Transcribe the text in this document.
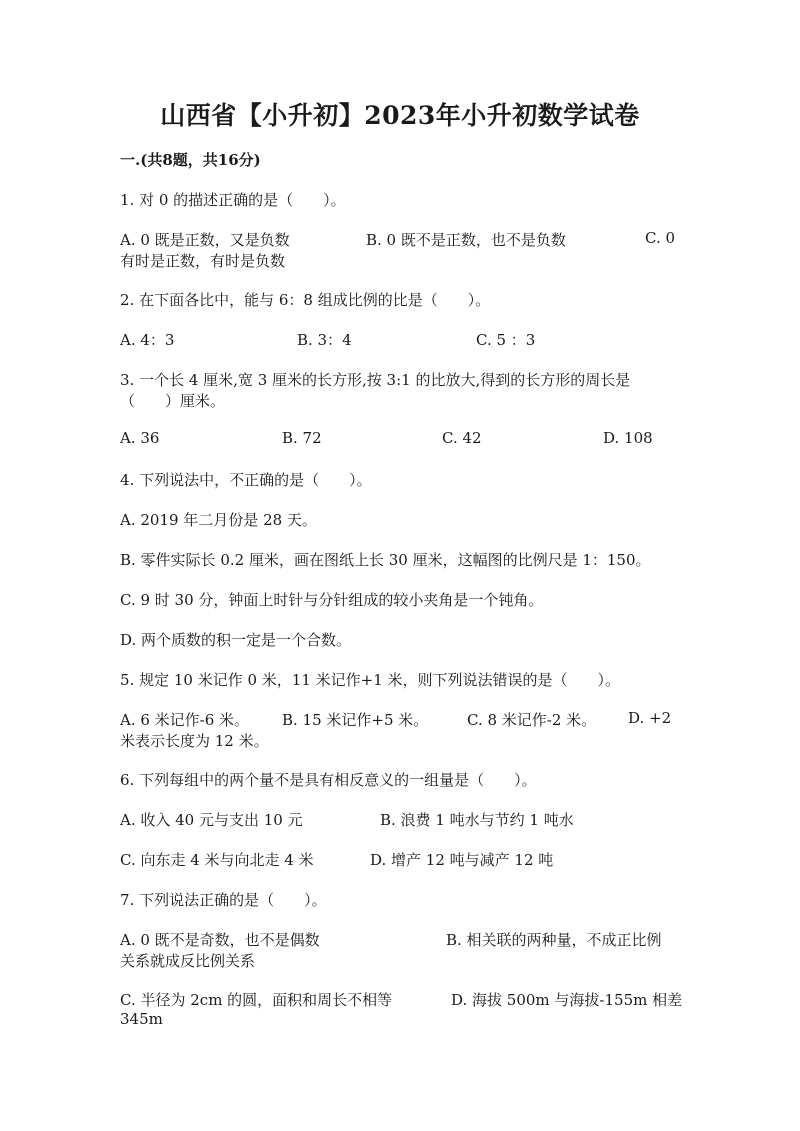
山西省【小升初】2023年小升初数学试卷
一.(共8题，共16分)
1. 对 0 的描述正确的是（　　）。
A. 0 既是正数，又是负数	B. 0 既不是正数，也不是负数	C. 0
有时是正数，有时是负数
2. 在下面各比中，能与 6：8 组成比例的比是（　　）。
A. 4：3	B. 3：4	C. 5 ：3
3. 一个长 4 厘米,宽 3 厘米的长方形,按 3:1 的比放大,得到的长方形的周长是
（　　）厘米。
A. 36	B. 72	C. 42	D. 108
4. 下列说法中，不正确的是（　　）。
A. 2019 年二月份是 28 天。
B. 零件实际长 0.2 厘米，画在图纸上长 30 厘米，这幅图的比例尺是 1：150。
C. 9 时 30 分，钟面上时针与分针组成的较小夹角是一个钝角。
D. 两个质数的积一定是一个合数。
5. 规定 10 米记作 0 米，11 米记作+1 米，则下列说法错误的是（　　）。
A. 6 米记作-6 米。 B. 15 米记作+5 米。	C. 8 米记作-2 米。 D. +2
米表示长度为 12 米。
6. 下列每组中的两个量不是具有相反意义的一组量是（　　）。
A. 收入 40 元与支出 10 元	B. 浪费 1 吨水与节约 1 吨水
C. 向东走 4 米与向北走 4 米	D. 增产 12 吨与减产 12 吨
7. 下列说法正确的是（　　）。
A. 0 既不是奇数，也不是偶数	B. 相关联的两种量，不成正比例
关系就成反比例关系
C. 半径为 2cm 的圆，面积和周长不相等	D. 海拔 500m 与海拔-155m 相差
345m
